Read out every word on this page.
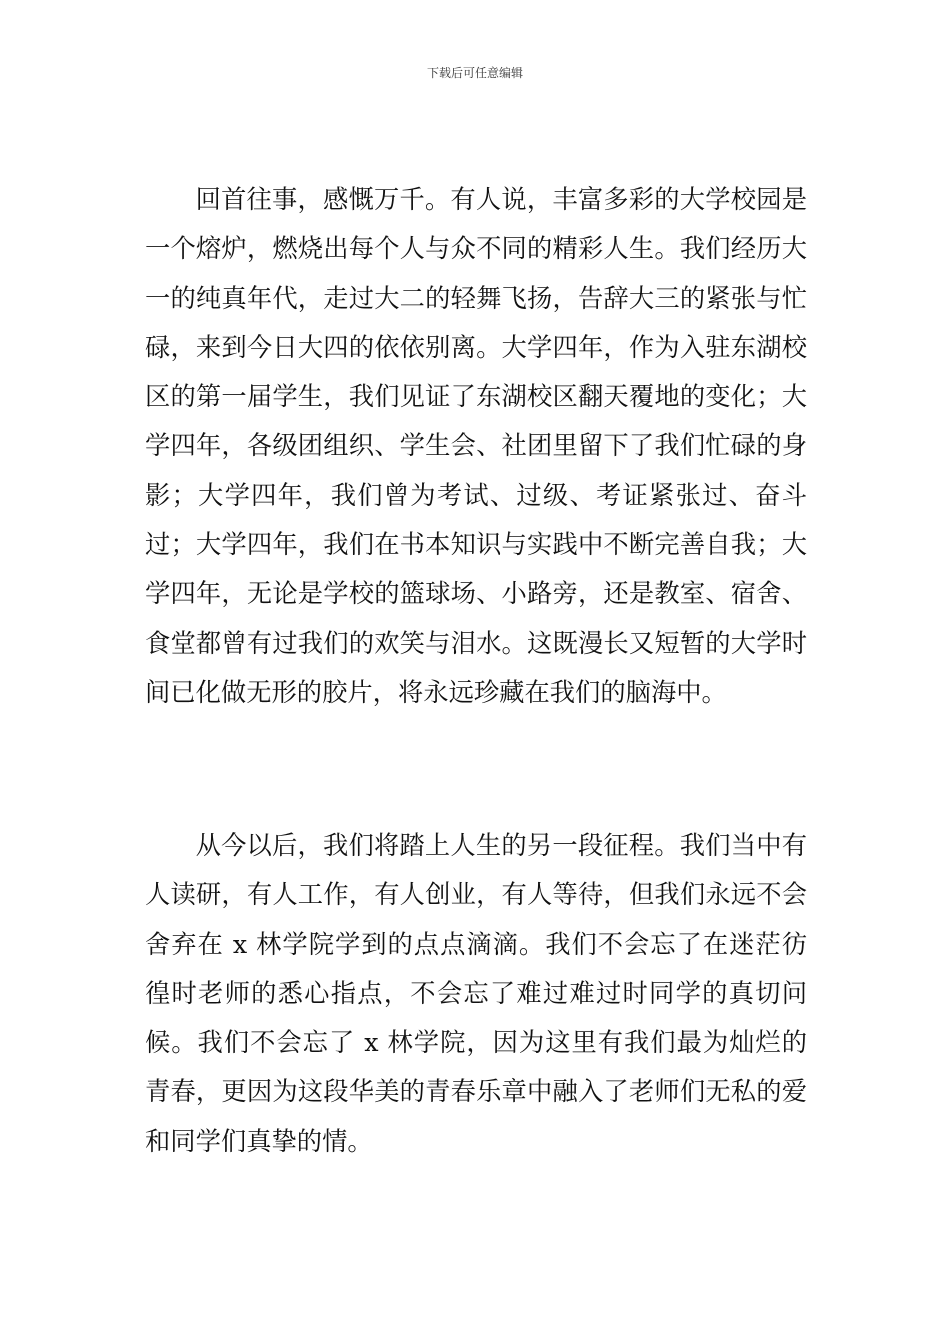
下载后可任意编辑

回首往事，感慨万千。有人说，丰富多彩的大学校园是一个熔炉，燃烧出每个人与众不同的精彩人生。我们经历大一的纯真年代，走过大二的轻舞飞扬，告辞大三的紧张与忙碌，来到今日大四的依依别离。大学四年，作为入驻东湖校区的第一届学生，我们见证了东湖校区翻天覆地的变化；大学四年，各级团组织、学生会、社团里留下了我们忙碌的身影；大学四年，我们曾为考试、过级、考证紧张过、奋斗过；大学四年，我们在书本知识与实践中不断完善自我；大学四年，无论是学校的篮球场、小路旁，还是教室、宿舍、食堂都曾有过我们的欢笑与泪水。这既漫长又短暂的大学时间已化做无形的胶片，将永远珍藏在我们的脑海中。

从今以后，我们将踏上人生的另一段征程。我们当中有人读研，有人工作，有人创业，有人等待，但我们永远不会舍弃在 x 林学院学到的点点滴滴。我们不会忘了在迷茫彷徨时老师的悉心指点，不会忘了难过难过时同学的真切问候。我们不会忘了 x 林学院，因为这里有我们最为灿烂的青春，更因为这段华美的青春乐章中融入了老师们无私的爱和同学们真挚的情。
